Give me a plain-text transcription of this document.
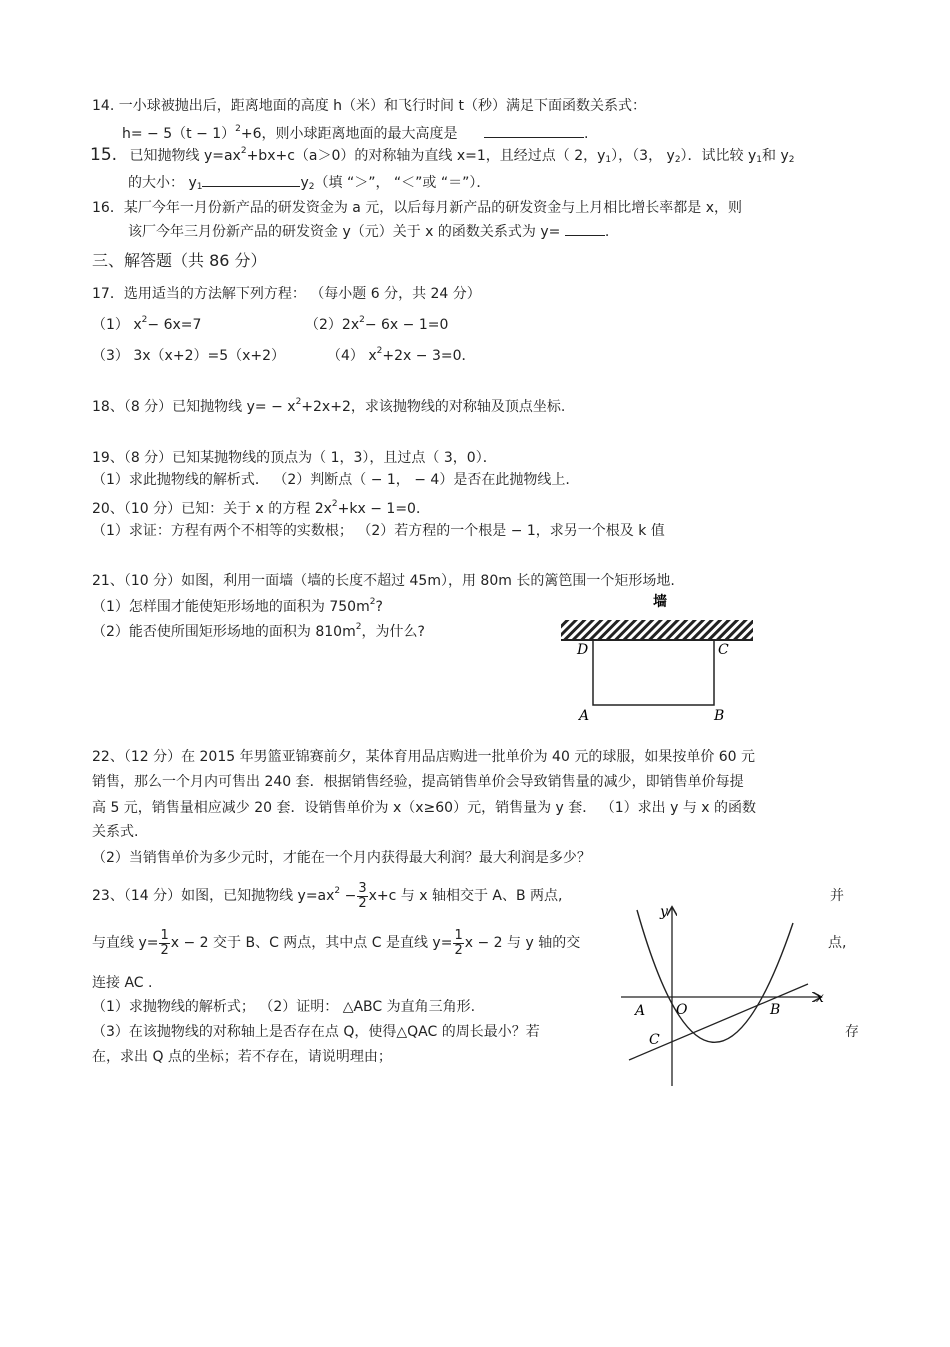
14. 一小球被抛出后，距离地面的高度 h（米）和飞行时间 t（秒）满足下面函数关系式：
$h= - 5(t - 1)^2+6$，则小球距离地面的最大高度是	.
15. 已知抛物线 $y=ax^2+bx+c(a>0)$的对称轴为直线 x=1，且经过点（ 2，$y_1$），（3， $y_2$）．试比较 $y_1$和 $y_2$
的大小： $y_1$	$y_2$（填 “＞”， “＜”或 “＝”）．
16．某厂今年一月份新产品的研发资金为 a 元，以后每月新产品的研发资金与上月相比增长率都是 x，则
该厂今年三月份新产品的研发资金 y（元）关于 x 的函数关系式为 y=	.
三、解答题（共 86 分）
17．选用适当的方法解下列方程： （每小题 6 分，共 24 分）
（1） $x^2- 6x=7$	$(2)2x^2- 6x - 1=0$
（3） 3x（x+2）=5（x+2）	（4） $x^2+2x - 3=0$．
18、（8 分）已知抛物线 $y= - x^2+2x+2$，求该抛物线的对称轴及顶点坐标.
19、（8 分）已知某抛物线的顶点为（ 1，3），且过点（ 3，0）．
（1）求此抛物线的解析式． （2）判断点（ − 1， − 4）是否在此抛物线上.
20、（10 分）已知：关于 x 的方程 $2x^2+kx - 1=0$．
（1）求证：方程有两个不相等的实数根； （2）若方程的一个根是 − 1，求另一个根及 k 值
21、（10 分）如图，利用一面墙（墙的长度不超过 45m），用 80m 长的篱笆围一个矩形场地.
（1）怎样围才能使矩形场地的面积为 $750m^2$?
（2）能否使所围矩形场地的面积为 $810m^2$，为什么?
墙
D	C
A	B
22、（12 分）在 2015 年男篮亚锦赛前夕，某体育用品店购进一批单价为 40 元的球服，如果按单价 60 元
销售，那么一个月内可售出 240 套．根据销售经验，提高销售单价会导致销售量的减少，即销售单价每提
高 5 元，销售量相应减少 20 套．设销售单价为 x（x≥60）元，销售量为 y 套． （1）求出 y 与 x 的函数
关系式.
（2）当销售单价为多少元时，才能在一个月内获得最大利润？最大利润是多少？
23、（14 分）如图，已知抛物线 $y=ax^2 - \frac{3}{2} x+c$ 与 x 轴相交于 A、B 两点,	并
与直线 $y= \frac{1}{2}$ x − 2 交于 B、C 两点，其中点 C 是直线 $y= \frac{1}{2}$ x − 2 与 y 轴的交	点,
连接 AC .
（1）求抛物线的解析式； （2）证明： △ABC 为直角三角形.
（3）在该抛物线的对称轴上是否存在点 Q，使得△QAC 的周长最小？若	存
在，求出 Q 点的坐标；若不存在，请说明理由；
y
x
A O	B
C
